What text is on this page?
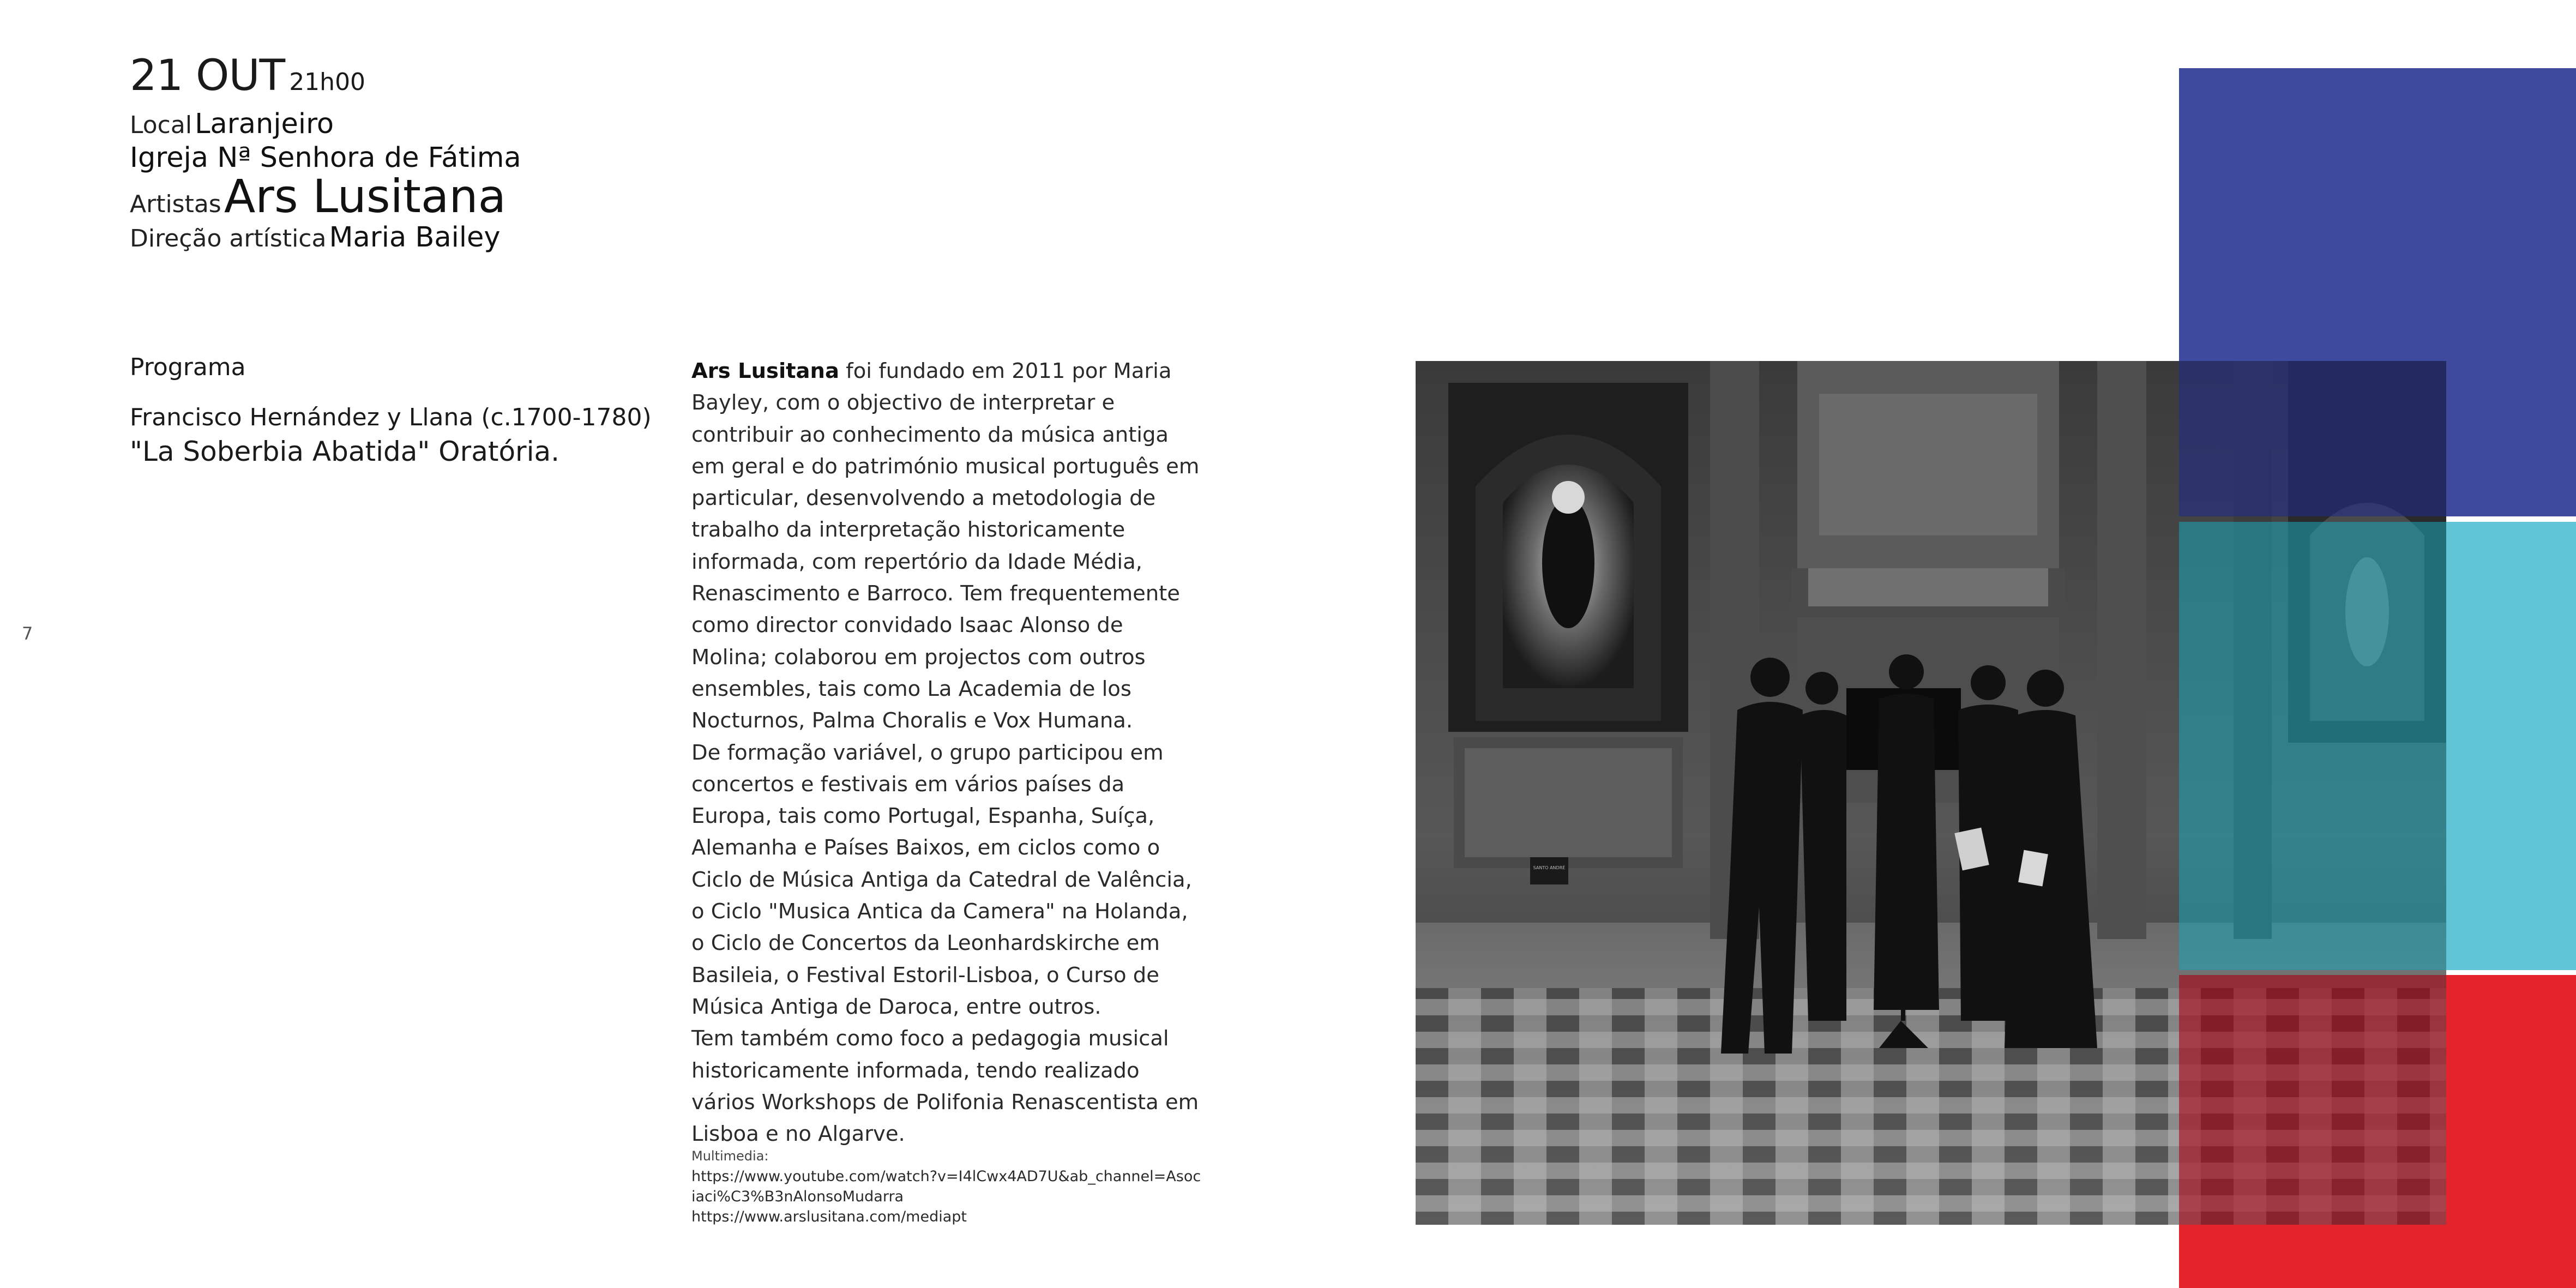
21 OUT 21h00
Local Laranjeiro
Igreja Nª Senhora de Fátima
Artistas Ars Lusitana
Direção artística Maria Bailey
Programa
Francisco Hernández y Llana (c.1700-1780)
"La Soberbia Abatida" Oratória.
7

Ars Lusitana foi fundado em 2011 por Maria Bayley, com o objectivo de interpretar e contribuir ao conhecimento da música antiga em geral e do património musical português em particular, desenvolvendo a metodologia de trabalho da interpretação historicamente informada, com repertório da Idade Média, Renascimento e Barroco. Tem frequentemente como director convidado Isaac Alonso de Molina; colaborou em projectos com outros ensembles, tais como La Academia de los Nocturnos, Palma Choralis e Vox Humana.

De formação variável, o grupo participou em concertos e festivais em vários países da Europa, tais como Portugal, Espanha, Suíça, Alemanha e Países Baixos, em ciclos como o Ciclo de Música Antiga da Catedral de Valência, o Ciclo "Musica Antica da Camera" na Holanda, o Ciclo de Concertos da Leonhardskirche em Basileia, o Festival Estoril-Lisboa, o Curso de Música Antiga de Daroca, entre outros.

Tem também como foco a pedagogia musical historicamente informada, tendo realizado vários Workshops de Polifonia Renascentista em Lisboa e no Algarve.

Multimedia:
https://www.youtube.com/watch?v=I4lCwx4AD7U&ab_channel=Asociaci%C3%B3nAlonsoMudarra
https://www.arslusitana.com/mediapt
SANTO ANDRÉ
